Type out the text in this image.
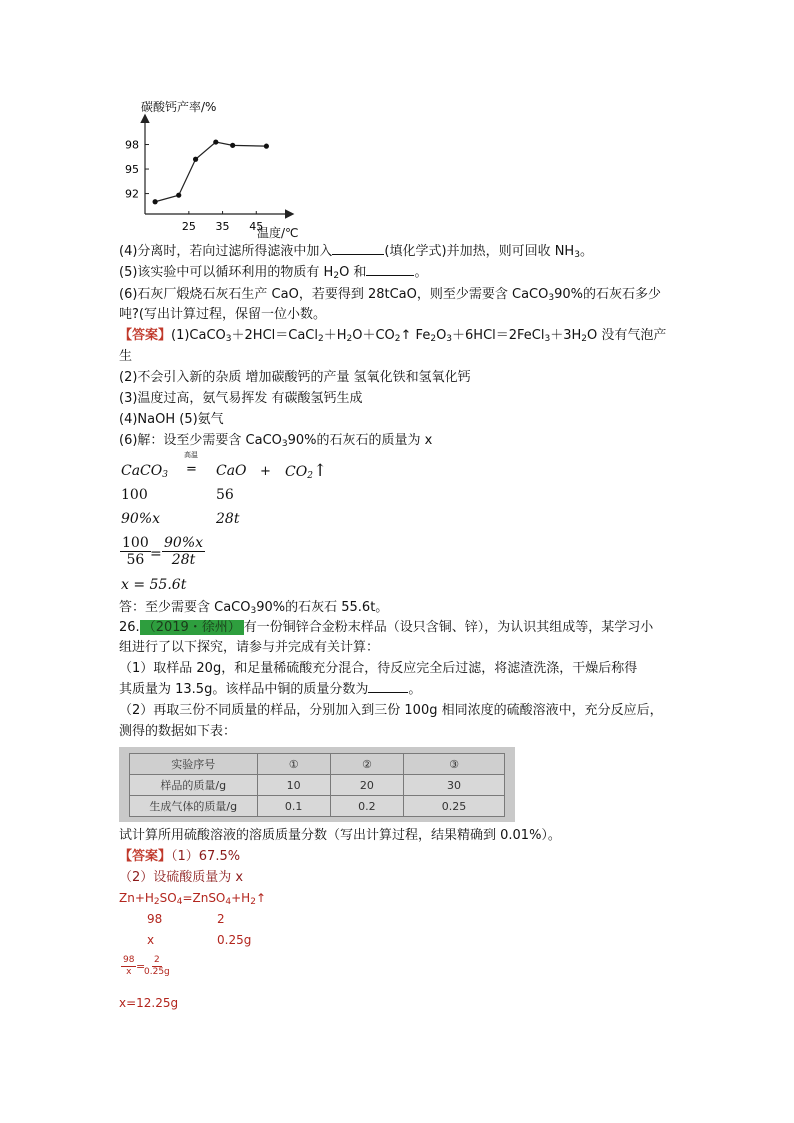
碳酸钙产率/%
温度/℃
92
95
98
25 35 45
(4)分离时，若向过滤所得滤液中加入	(填化学式)并加热，则可回收 $NH_3$。
(5)该实验中可以循环利用的物质有 $H_2O$ 和	。
(6)石灰厂煅烧石灰石生产 CaO，若要得到 28tCaO，则至少需要含 CaCO$_3$90%的石灰石多少
吨?(写出计算过程，保留一位小数。
【答案】$(1)CaCO_3+2HCl=CaCl_2+H_2O+CO_2↑$ $Fe_2O_3+6HCl=2FeCl_3+3H_2O$ 没有气泡产
生
(2)不会引入新的杂质 增加碳酸钙的产量 氢氧化铁和氢氧化钙
(3)温度过高，氨气易挥发 有碳酸氢钙生成
(4)NaOH (5)氨气
(6)解：设至少需要含 CaCO$_3$90%的石灰石的质量为 x
CaCO$_3$
高温
= CaO + $CO_2↑$
100	56
90%x	28t
$\frac{100}{56} = \frac{90\%x}{28t}$
x = 55.6t
答：至少需要含 CaCO$_3$90%的石灰石 55.6t。
26. （2019・徐州） 有一份铜锌合金粉末样品（设只含铜、锌），为认识其组成等，某学习小
组进行了以下探究，请参与并完成有关计算：
（1）取样品 20g，和足量稀硫酸充分混合，待反应完全后过滤，将滤渣洗涤，干燥后称得
其质量为 13.5g。该样品中铜的质量分数为	。
（2）再取三份不同质量的样品，分别加入到三份 100g 相同浓度的硫酸溶液中，充分反应后，
测得的数据如下表：
实验序号	①	②	③
样品的质量/g	10	20	30
生成气体的质量/g	0.1	0.2	0.25
试计算所用硫酸溶液的溶质质量分数（写出计算过程，结果精确到 0.01%）。
【答案】（1）67.5%
（2）设硫酸质量为 x
$Zn+H_2SO_4=ZnSO_4+H_2↑$
98	2
x	0.25g
$\frac{98}{x}$ =
$\frac{2}{0.25g}$
x=12.25g
